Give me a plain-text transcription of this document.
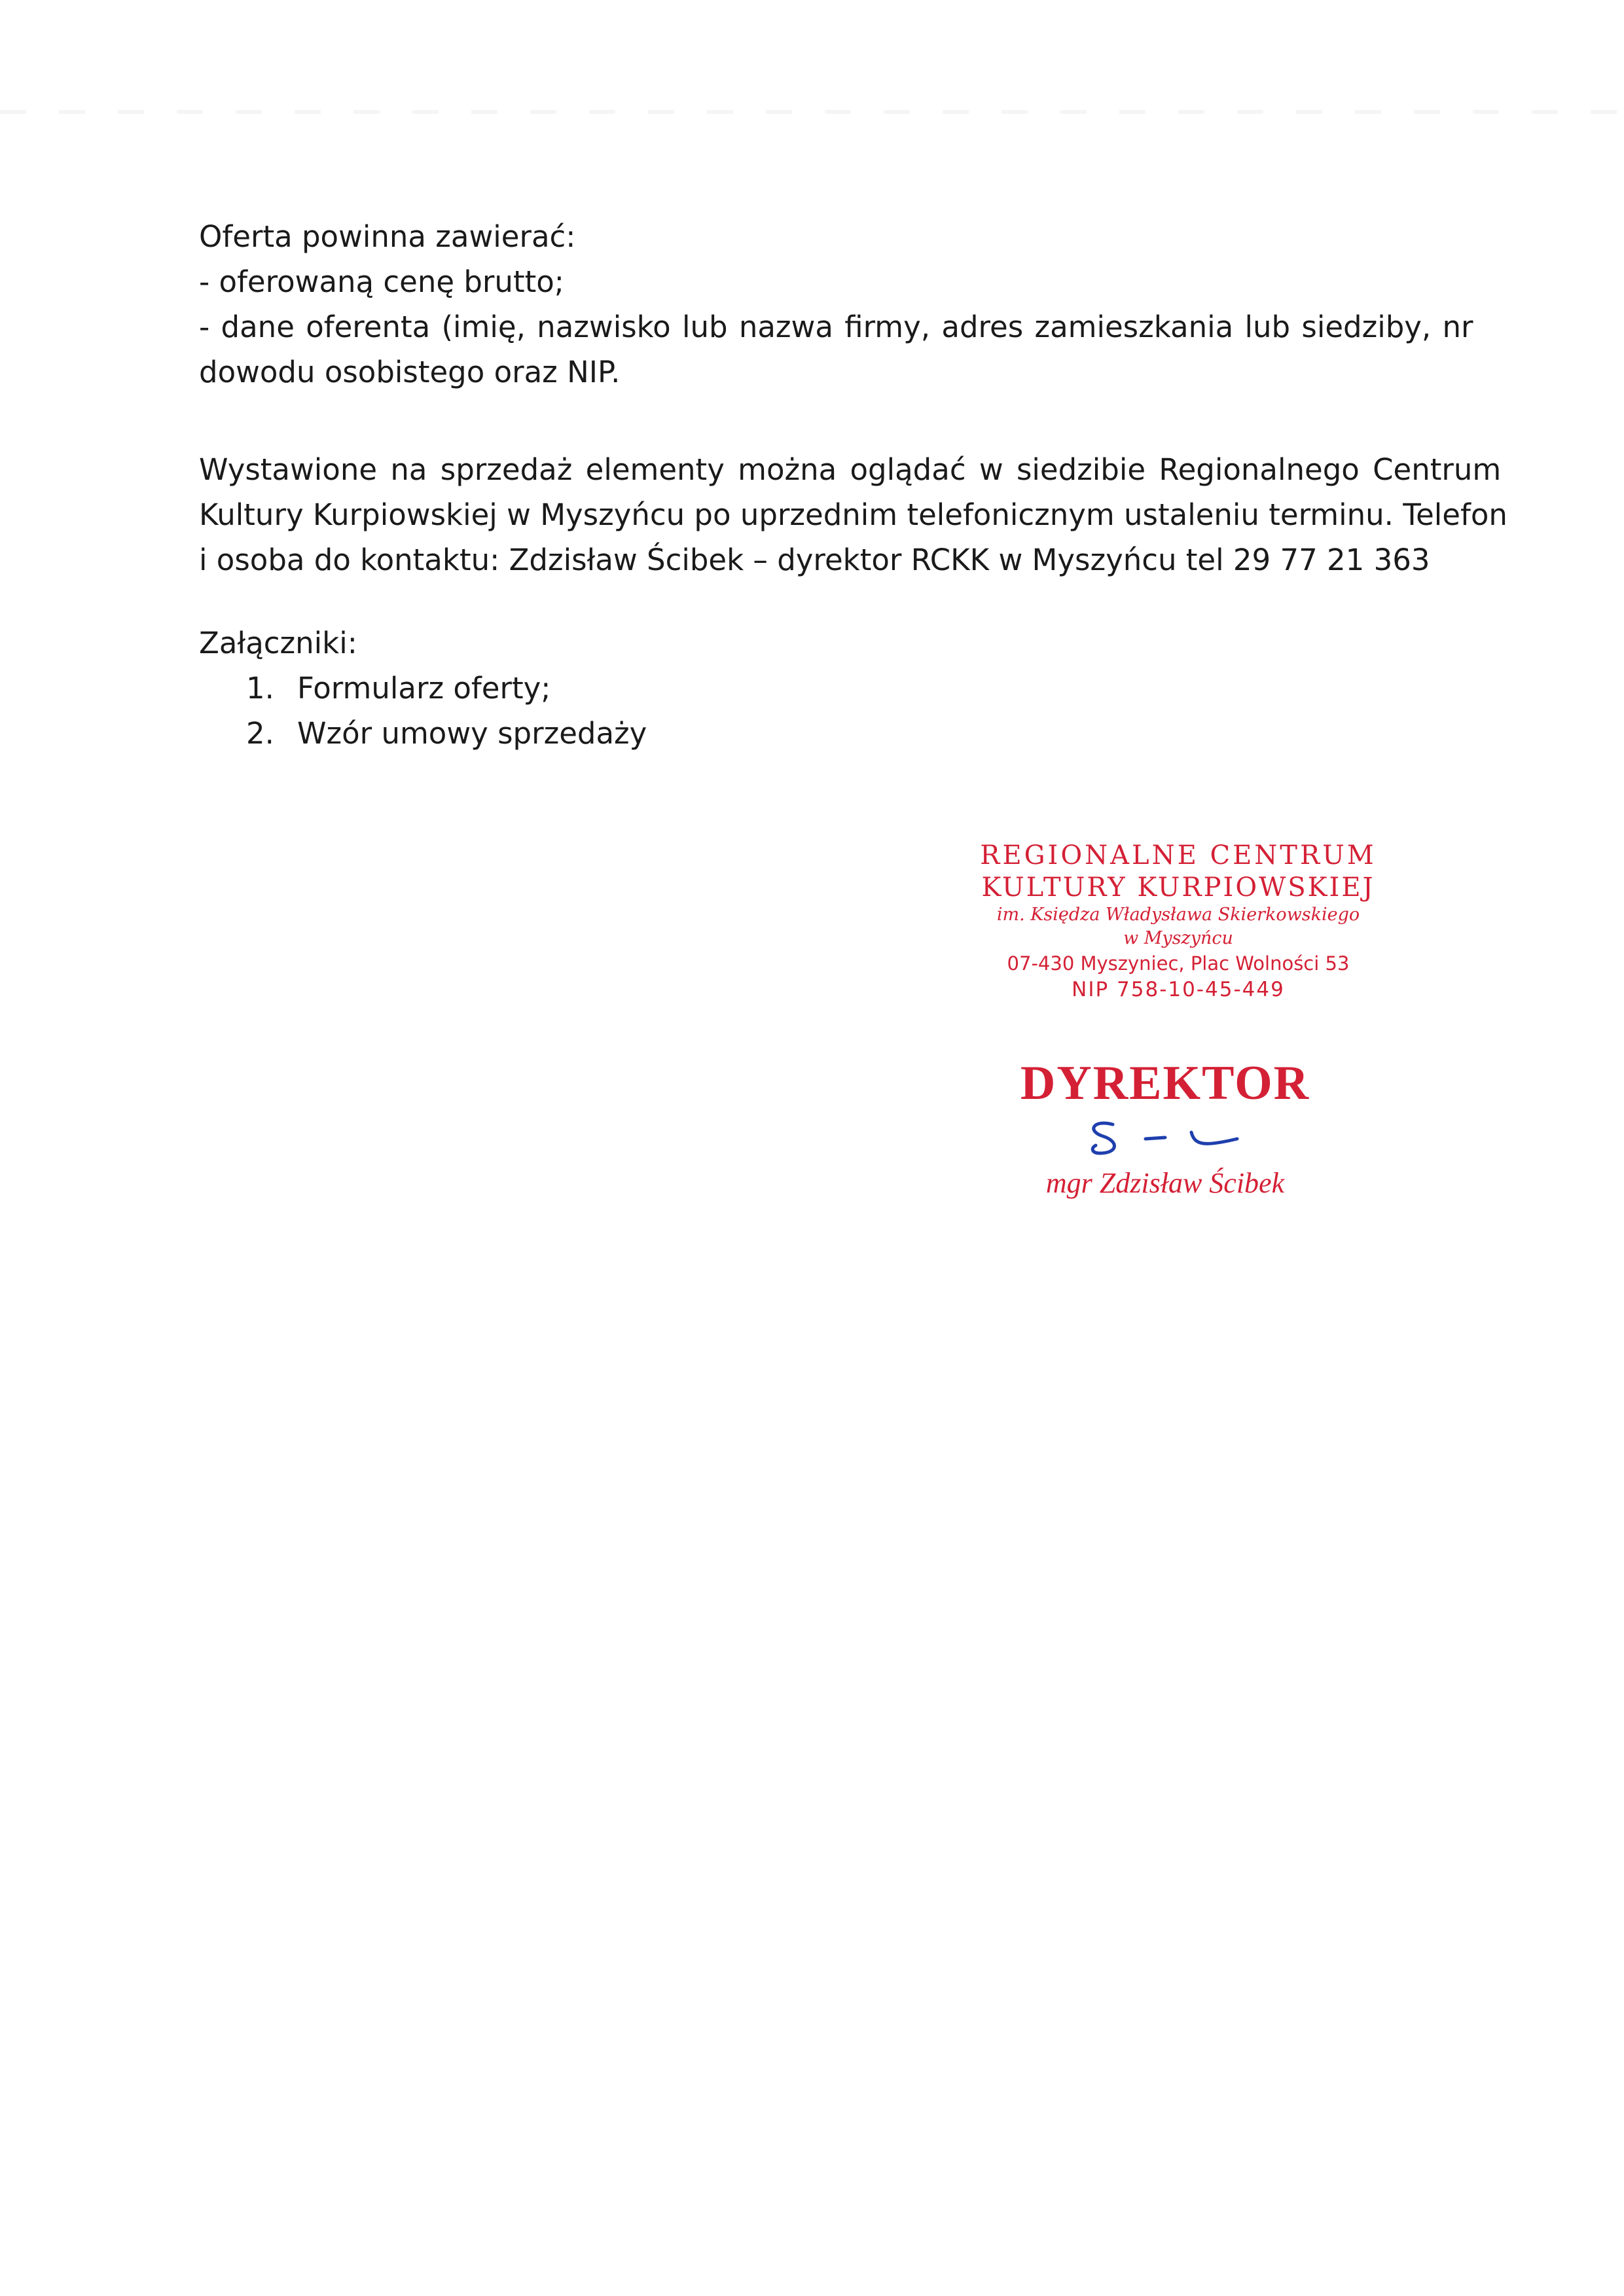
Oferta powinna zawierać:
- oferowaną cenę brutto;
- dane oferenta (imię, nazwisko lub nazwa firmy, adres zamieszkania lub siedziby, nr
dowodu osobistego oraz NIP.
Wystawione na sprzedaż elementy można oglądać w siedzibie Regionalnego Centrum
Kultury Kurpiowskiej w Myszyńcu po uprzednim telefonicznym ustaleniu terminu. Telefon
i osoba do kontaktu: Zdzisław Ścibek – dyrektor RCKK w Myszyńcu tel 29 77 21 363
Załączniki:
1. Formularz oferty;
2. Wzór umowy sprzedaży
REGIONALNE CENTRUM
KULTURY KURPIOWSKIEJ
im. Księdza Władysława Skierkowskiego
w Myszyńcu
07-430 Myszyniec, Plac Wolności 53
NIP 758-10-45-449
DYREKTOR
mgr Zdzisław Ścibek
